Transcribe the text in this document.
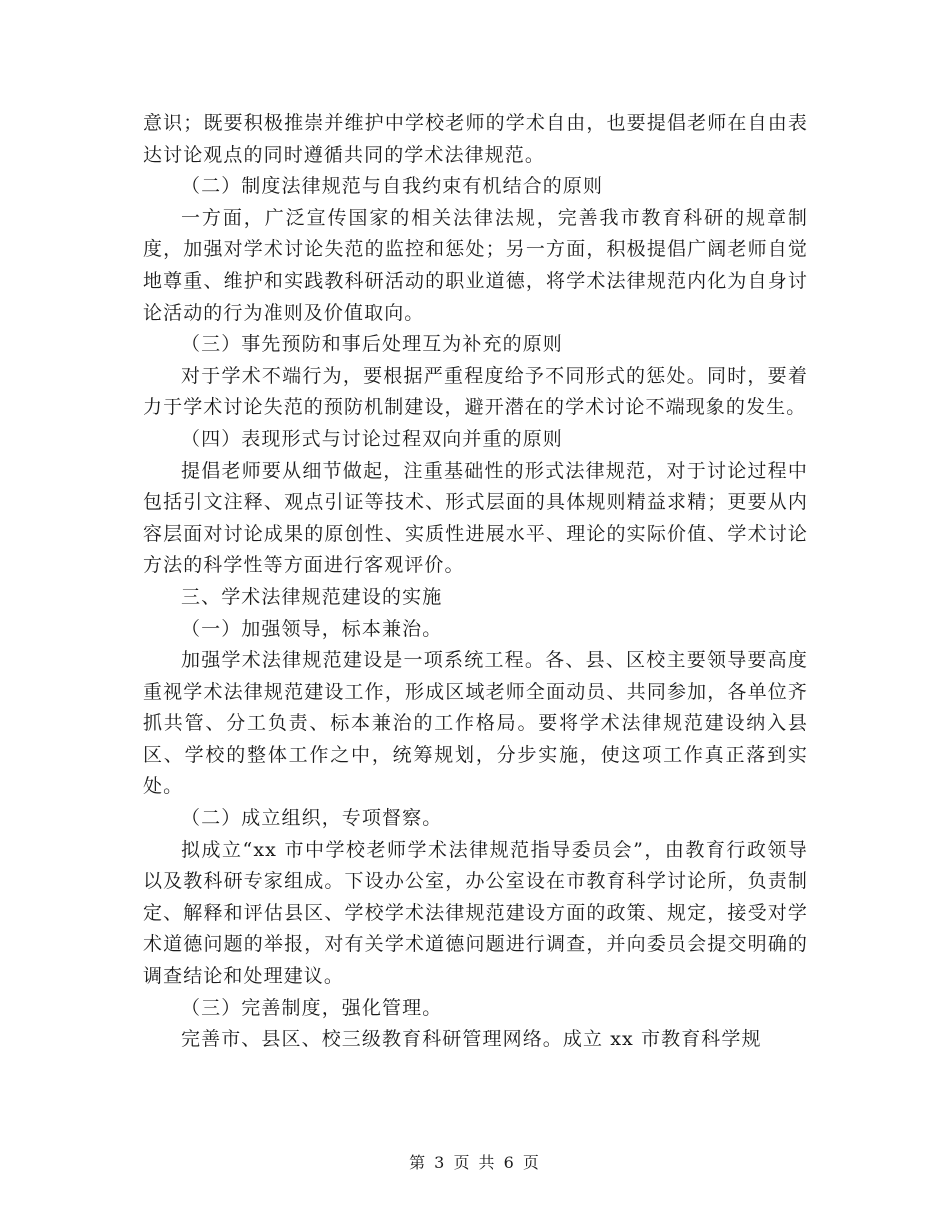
意识；既要积极推崇并维护中学校老师的学术自由，也要提倡老师在自由表达讨论观点的同时遵循共同的学术法律规范。

（二）制度法律规范与自我约束有机结合的原则

一方面，广泛宣传国家的相关法律法规，完善我市教育科研的规章制度，加强对学术讨论失范的监控和惩处；另一方面，积极提倡广阔老师自觉地尊重、维护和实践教科研活动的职业道德，将学术法律规范内化为自身讨论活动的行为准则及价值取向。

（三）事先预防和事后处理互为补充的原则

对于学术不端行为，要根据严重程度给予不同形式的惩处。同时，要着力于学术讨论失范的预防机制建设，避开潜在的学术讨论不端现象的发生。

（四）表现形式与讨论过程双向并重的原则

提倡老师要从细节做起，注重基础性的形式法律规范，对于讨论过程中包括引文注释、观点引证等技术、形式层面的具体规则精益求精；更要从内容层面对讨论成果的原创性、实质性进展水平、理论的实际价值、学术讨论方法的科学性等方面进行客观评价。

三、学术法律规范建设的实施

（一）加强领导，标本兼治。

加强学术法律规范建设是一项系统工程。各、县、区校主要领导要高度重视学术法律规范建设工作，形成区域老师全面动员、共同参加，各单位齐抓共管、分工负责、标本兼治的工作格局。要将学术法律规范建设纳入县区、学校的整体工作之中，统筹规划，分步实施，使这项工作真正落到实处。

（二）成立组织，专项督察。

拟成立“xx 市中学校老师学术法律规范指导委员会”，由教育行政领导以及教科研专家组成。下设办公室，办公室设在市教育科学讨论所，负责制定、解释和评估县区、学校学术法律规范建设方面的政策、规定，接受对学术道德问题的举报，对有关学术道德问题进行调查，并向委员会提交明确的调查结论和处理建议。

（三）完善制度，强化管理。

完善市、县区、校三级教育科研管理网络。成立 xx 市教育科学规

第 3 页 共 6 页
